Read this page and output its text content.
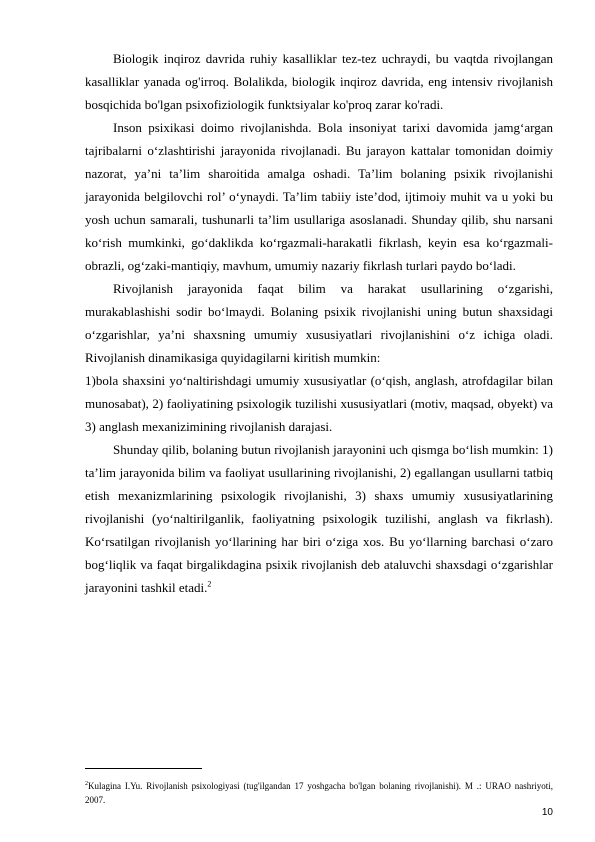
Biologik inqiroz davrida ruhiy kasalliklar tez-tez uchraydi, bu vaqtda rivojlangan kasalliklar yanada og'irroq. Bolalikda, biologik inqiroz davrida, eng intensiv rivojlanish bosqichida bo'lgan psixofiziologik funktsiyalar ko'proq zarar ko'radi.

Inson psixikasi doimo rivojlanishda. Bola insoniyat tarixi davomida jamg‘argan tajribalarni o‘zlashtirishi jarayonida rivojlanadi. Bu jarayon kattalar tomonidan doimiy nazorat, ya’ni ta’lim sharoitida amalga oshadi. Ta’lim bolaning psixik rivojlanishi jarayonida belgilovchi rol’ o‘ynaydi. Ta’lim tabiiy iste’dod, ijtimoiy muhit va u yoki bu yosh uchun samarali, tushunarli ta’lim usullariga asoslanadi. Shunday qilib, shu narsani ko‘rish mumkinki, go‘daklikda ko‘rgazmali-harakatli fikrlash, keyin esa ko‘rgazmali-obrazli, og‘zaki-mantiqiy, mavhum, umumiy nazariy fikrlash turlari paydo bo‘ladi.

Rivojlanish jarayonida faqat bilim va harakat usullarining o‘zgarishi, murakablashishi sodir bo‘lmaydi. Bolaning psixik rivojlanishi uning butun shaxsidagi o‘zgarishlar, ya’ni shaxsning umumiy xususiyatlari rivojlanishini o‘z ichiga oladi. Rivojlanish dinamikasiga quyidagilarni kiritish mumkin:

1)bola shaxsini yo‘naltirishdagi umumiy xususiyatlar (o‘qish, anglash, atrofdagilar bilan munosabat), 2) faoliyatining psixologik tuzilishi xususiyatlari (motiv, maqsad, obyekt) va 3) anglash mexanizimining rivojlanish darajasi.

Shunday qilib, bolaning butun rivojlanish jarayonini uch qismga bo‘lish mumkin: 1) ta’lim jarayonida bilim va faoliyat usullarining rivojlanishi, 2) egallangan usullarni tatbiq etish mexanizmlarining psixologik rivojlanishi, 3) shaxs umumiy xususiyatlarining rivojlanishi (yo‘naltirilganlik, faoliyatning psixologik tuzilishi, anglash va fikrlash). Ko‘rsatilgan rivojlanish yo‘llarining har biri o‘ziga xos. Bu yo‘llarning barchasi o‘zaro bog‘liqlik va faqat birgalikdagina psixik rivojlanish deb ataluvchi shaxsdagi o‘zgarishlar jarayonini tashkil etadi.$^2$

$^2$Kulagina I.Yu. Rivojlanish psixologiyasi (tug'ilgandan 17 yoshgacha bo'lgan bolaning rivojlanishi). M .: URAO nashriyoti, 2007.

10
